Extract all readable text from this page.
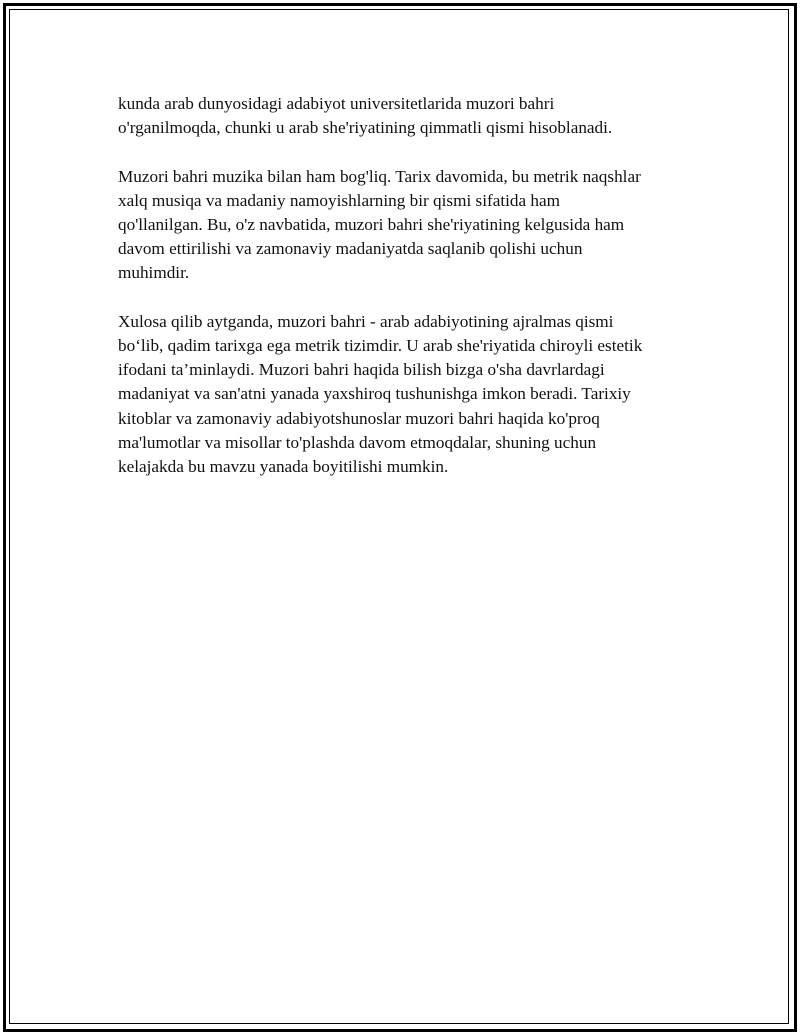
kunda arab dunyosidagi adabiyot universitetlarida muzori bahri
o'rganilmoqda, chunki u arab she'riyatining qimmatli qismi hisoblanadi.

Muzori bahri muzika bilan ham bog'liq. Tarix davomida, bu metrik naqshlar
xalq musiqa va madaniy namoyishlarning bir qismi sifatida ham
qo'llanilgan. Bu, o'z navbatida, muzori bahri she'riyatining kelgusida ham
davom ettirilishi va zamonaviy madaniyatda saqlanib qolishi uchun
muhimdir.

Xulosa qilib aytganda, muzori bahri - arab adabiyotining ajralmas qismi
bo‘lib, qadim tarixga ega metrik tizimdir. U arab she'riyatida chiroyli estetik
ifodani ta’minlaydi. Muzori bahri haqida bilish bizga o'sha davrlardagi
madaniyat va san'atni yanada yaxshiroq tushunishga imkon beradi. Tarixiy
kitoblar va zamonaviy adabiyotshunoslar muzori bahri haqida ko'proq
ma'lumotlar va misollar to'plashda davom etmoqdalar, shuning uchun
kelajakda bu mavzu yanada boyitilishi mumkin.
